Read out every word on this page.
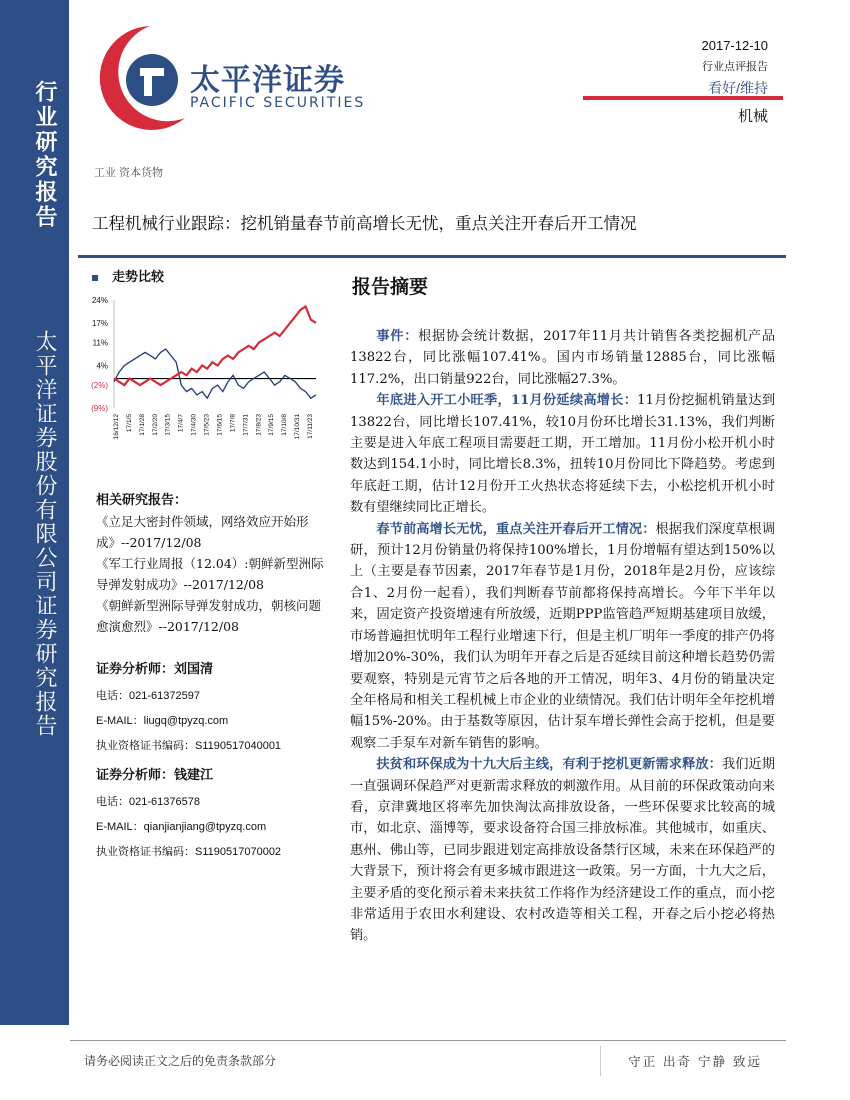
行业研究报告
太平洋证券股份有限公司证券研究报告
太平洋证券
PACIFIC SECURITIES
2017-12-10
行业点评报告
看好/维持
机械
工业 资本货物
工程机械行业跟踪：挖机销量春节前高增长无忧，重点关注开春后开工情况
走势比较
24%
17%
11%
4%
(2%)
(9%)
16/12/12 17/1/5 17/1/28 17/2/20 17/3/15 17/4/7 17/4/30 17/5/23 17/6/15 17/7/8 17/7/31 17/8/23 17/9/15 17/10/8 17/10/31 17/11/23
相关研究报告：
《立足大密封件领域，网络效应开始形成》--2017/12/08
《军工行业周报（12.04）:朝鲜新型洲际导弹发射成功》--2017/12/08
《朝鲜新型洲际导弹发射成功，朝核问题愈演愈烈》--2017/12/08
证券分析师：刘国清
电话：021-61372597
E-MAIL：liugq@tpyzq.com
执业资格证书编码：S1190517040001
证券分析师：钱建江
电话：021-61376578
E-MAIL：qianjianjiang@tpyzq.com
执业资格证书编码：S1190517070002
报告摘要

事件：根据协会统计数据，2017年11月共计销售各类挖掘机产品13822台，同比涨幅107.41%。国内市场销量12885台，同比涨幅117.2%，出口销量922台，同比涨幅27.3%。

年底进入开工小旺季，11月份延续高增长：11月份挖掘机销量达到13822台，同比增长107.41%，较10月份环比增长31.13%，我们判断主要是进入年底工程项目需要赶工期，开工增加。11月份小松开机小时数达到154.1小时，同比增长8.3%，扭转10月份同比下降趋势。考虑到年底赶工期，估计12月份开工火热状态将延续下去，小松挖机开机小时数有望继续同比正增长。

春节前高增长无忧，重点关注开春后开工情况：根据我们深度草根调研，预计12月份销量仍将保持100%增长，1月份增幅有望达到150%以上（主要是春节因素，2017年春节是1月份，2018年是2月份，应该综合1、2月份一起看），我们判断春节前都将保持高增长。今年下半年以来，固定资产投资增速有所放缓，近期PPP监管趋严短期基建项目放缓，市场普遍担忧明年工程行业增速下行，但是主机厂明年一季度的排产仍将增加20%-30%，我们认为明年开春之后是否延续目前这种增长趋势仍需要观察，特别是元宵节之后各地的开工情况，明年3、4月份的销量决定全年格局和相关工程机械上市企业的业绩情况。我们估计明年全年挖机增幅15%-20%。由于基数等原因，估计泵车增长弹性会高于挖机，但是要观察二手泵车对新车销售的影响。

扶贫和环保成为十九大后主线，有利于挖机更新需求释放：我们近期一直强调环保趋严对更新需求释放的刺激作用。从目前的环保政策动向来看，京津冀地区将率先加快淘汰高排放设备，一些环保要求比较高的城市，如北京、淄博等，要求设备符合国三排放标准。其他城市，如重庆、惠州、佛山等，已同步跟进划定高排放设备禁行区域，未来在环保趋严的大背景下，预计将会有更多城市跟进这一政策。另一方面，十九大之后，主要矛盾的变化预示着未来扶贫工作将作为经济建设工作的重点，而小挖非常适用于农田水利建设、农村改造等相关工程，开春之后小挖必将热销。

请务必阅读正文之后的免责条款部分	守正 出奇 宁静 致远
